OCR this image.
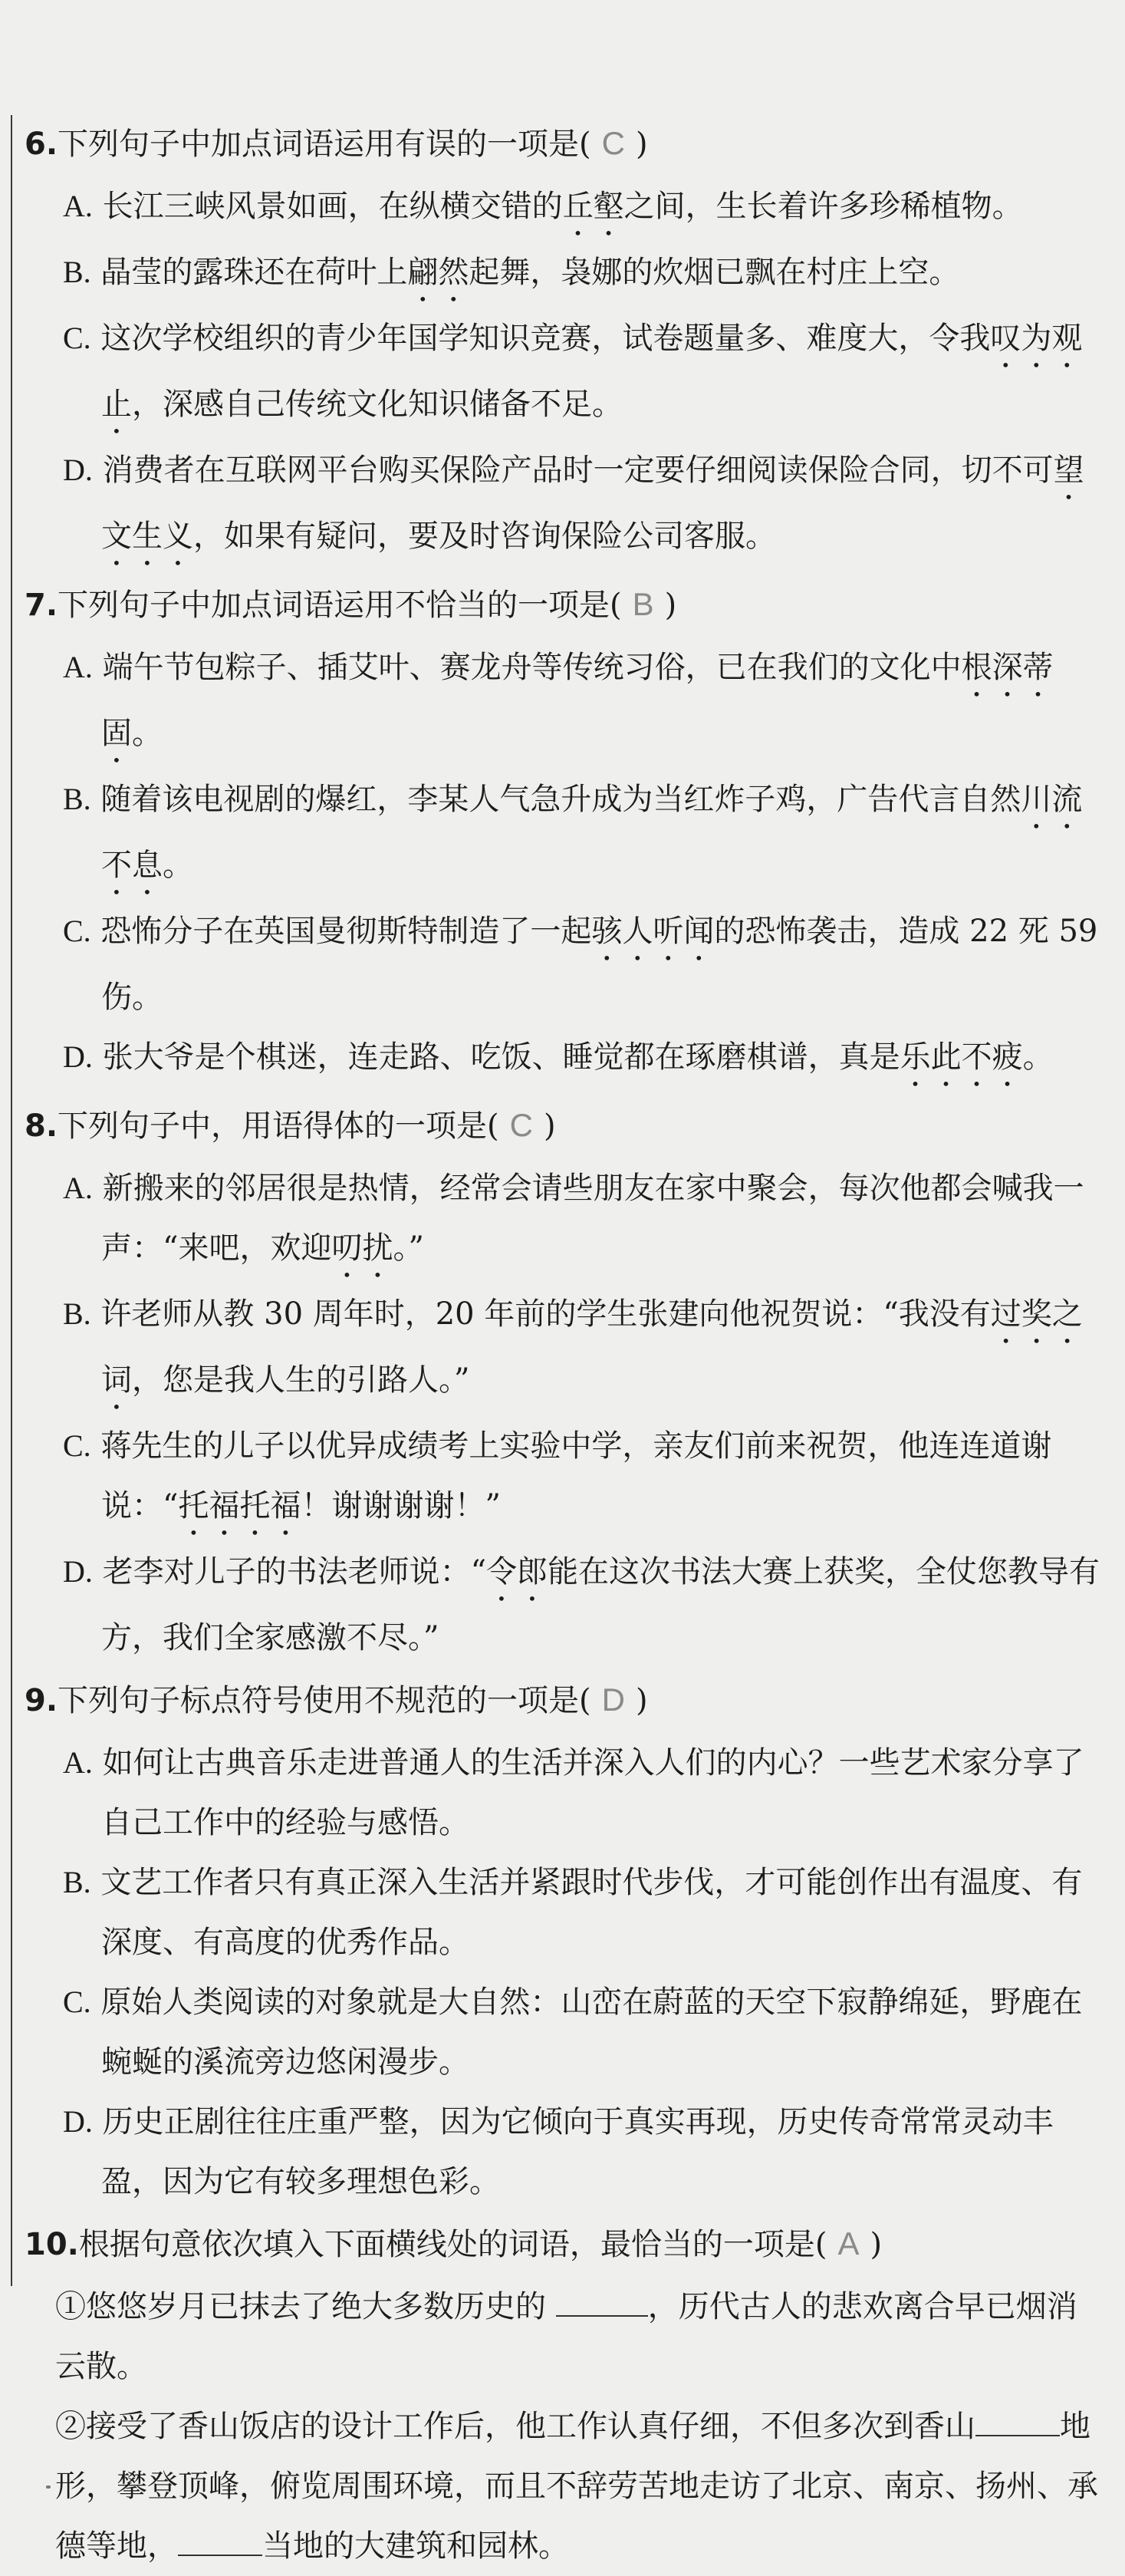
6.下列句子中加点词语运用有误的一项是( C )
A. 长江三峡风景如画，在纵横交错的丘壑之间，生长着许多珍稀植物。
B. 晶莹的露珠还在荷叶上翩然起舞，袅娜的炊烟已飘在村庄上空。
C. 这次学校组织的青少年国学知识竞赛，试卷题量多、难度大，令我叹为观止，深感自己传统文化知识储备不足。
D. 消费者在互联网平台购买保险产品时一定要仔细阅读保险合同，切不可望文生义，如果有疑问，要及时咨询保险公司客服。
7.下列句子中加点词语运用不恰当的一项是( B )
A. 端午节包粽子、插艾叶、赛龙舟等传统习俗，已在我们的文化中根深蒂固。
B. 随着该电视剧的爆红，李某人气急升成为当红炸子鸡，广告代言自然川流不息。
C. 恐怖分子在英国曼彻斯特制造了一起骇人听闻的恐怖袭击，造成 22 死 59 伤。
D. 张大爷是个棋迷，连走路、吃饭、睡觉都在琢磨棋谱，真是乐此不疲。
8.下列句子中，用语得体的一项是( C )
A. 新搬来的邻居很是热情，经常会请些朋友在家中聚会，每次他都会喊我一声：“来吧，欢迎叨扰。”
B. 许老师从教 30 周年时，20 年前的学生张建向他祝贺说：“我没有过奖之词，您是我人生的引路人。”
C. 蒋先生的儿子以优异成绩考上实验中学，亲友们前来祝贺，他连连道谢说：“托福托福！谢谢谢谢！”
D. 老李对儿子的书法老师说：“令郎能在这次书法大赛上获奖，全仗您教导有方，我们全家感激不尽。”
9.下列句子标点符号使用不规范的一项是( D )
A. 如何让古典音乐走进普通人的生活并深入人们的内心？一些艺术家分享了自己工作中的经验与感悟。
B. 文艺工作者只有真正深入生活并紧跟时代步伐，才可能创作出有温度、有深度、有高度的优秀作品。
C. 原始人类阅读的对象就是大自然：山峦在蔚蓝的天空下寂静绵延，野鹿在蜿蜒的溪流旁边悠闲漫步。
D. 历史正剧往往庄重严整，因为它倾向于真实再现，历史传奇常常灵动丰盈，因为它有较多理想色彩。
10.根据句意依次填入下面横线处的词语，最恰当的一项是( A )
①悠悠岁月已抹去了绝大多数历史的	，历代古人的悲欢离合早已烟消云散。
②接受了香山饭店的设计工作后，他工作认真仔细，不但多次到香山	地形，攀登顶峰，俯览周围环境，而且不辞劳苦地走访了北京、南京、扬州、承德等地，	当地的大建筑和园林。
